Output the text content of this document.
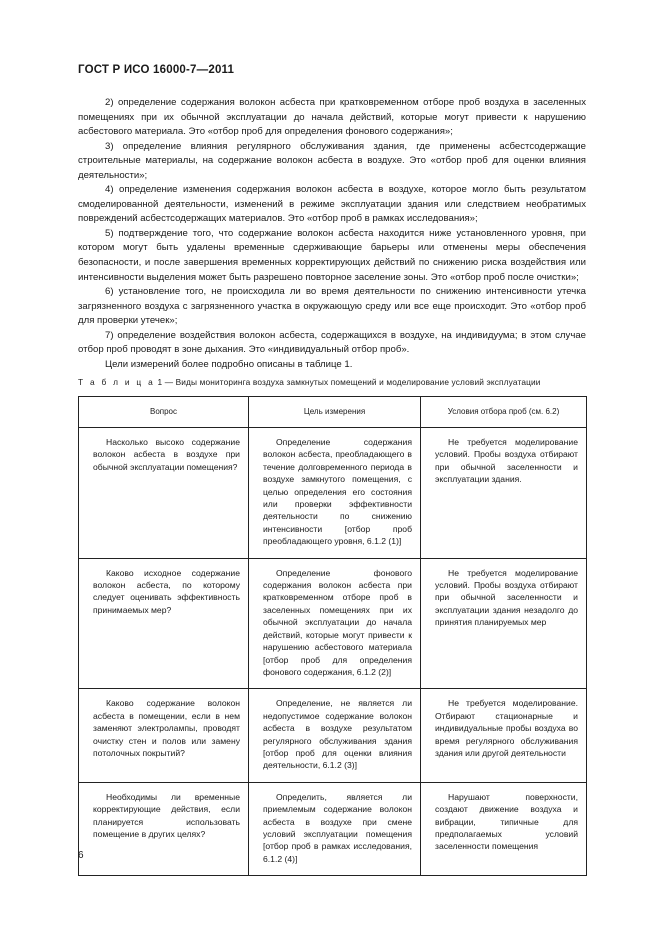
ГОСТ Р ИСО 16000-7—2011

2) определение содержания волокон асбеста при кратковременном отборе проб воздуха в заселенных помещениях при их обычной эксплуатации до начала действий, которые могут привести к нарушению асбестового материала. Это «отбор проб для определения фонового содержания»;

3) определение влияния регулярного обслуживания здания, где применены асбестсодержащие строительные материалы, на содержание волокон асбеста в воздухе. Это «отбор проб для оценки влияния деятельности»;

4) определение изменения содержания волокон асбеста в воздухе, которое могло быть результатом смоделированной деятельности, изменений в режиме эксплуатации здания или следствием необратимых повреждений асбестсодержащих материалов. Это «отбор проб в рамках исследования»;

5) подтверждение того, что содержание волокон асбеста находится ниже установленного уровня, при котором могут быть удалены временные сдерживающие барьеры или отменены меры обеспечения безопасности, и после завершения временных корректирующих действий по снижению риска воздействия или интенсивности выделения может быть разрешено повторное заселение зоны. Это «отбор проб после очистки»;

6) установление того, не происходила ли во время деятельности по снижению интенсивности утечка загрязненного воздуха с загрязненного участка в окружающую среду или все еще происходит. Это «отбор проб для проверки утечек»;

7) определение воздействия волокон асбеста, содержащихся в воздухе, на индивидуума; в этом случае отбор проб проводят в зоне дыхания. Это «индивидуальный отбор проб».

Цели измерений более подробно описаны в таблице 1.

Т а б л и ц а 1 — Виды мониторинга воздуха замкнутых помещений и моделирование условий эксплуатации
Вопрос	Цель измерения	Условия отбора проб (см. 6.2)

Насколько высоко содержание волокон асбеста в воздухе при обычной эксплуатации помещения?	Определение содержания волокон асбеста, преобладающего в течение долговременного периода в воздухе замкнутого помещения, с целью определения его состояния или проверки эффективности деятельности по снижению интенсивности [отбор проб преобладающего уровня, 6.1.2 (1)]	Не требуется моделирование условий. Пробы воздуха отбирают при обычной заселенности и эксплуатации здания.

Каково исходное содержание волокон асбеста, по которому следует оценивать эффективность принимаемых мер?	Определение фонового содержания волокон асбеста при кратковременном отборе проб в заселенных помещениях при их обычной эксплуатации до начала действий, которые могут привести к нарушению асбестового материала [отбор проб для определения фонового содержания, 6.1.2 (2)]	Не требуется моделирование условий. Пробы воздуха отбирают при обычной заселенности и эксплуатации здания незадолго до принятия планируемых мер

Каково содержание волокон асбеста в помещении, если в нем заменяют электролампы, проводят очистку стен и полов или замену потолочных покрытий?	Определение, не является ли недопустимое содержание волокон асбеста в воздухе результатом регулярного обслуживания здания [отбор проб для оценки влияния деятельности, 6.1.2 (3)]	Не требуется моделирование. Отбирают стационарные и индивидуальные пробы воздуха во время регулярного обслуживания здания или другой деятельности

Необходимы ли временные корректирующие действия, если планируется использовать помещение в других целях?	Определить, является ли приемлемым содержание волокон асбеста в воздухе при смене условий эксплуатации помещения [отбор проб в рамках исследования, 6.1.2 (4)]	Нарушают поверхности, создают движение воздуха и вибрации, типичные для предполагаемых условий заселенности помещения
6
